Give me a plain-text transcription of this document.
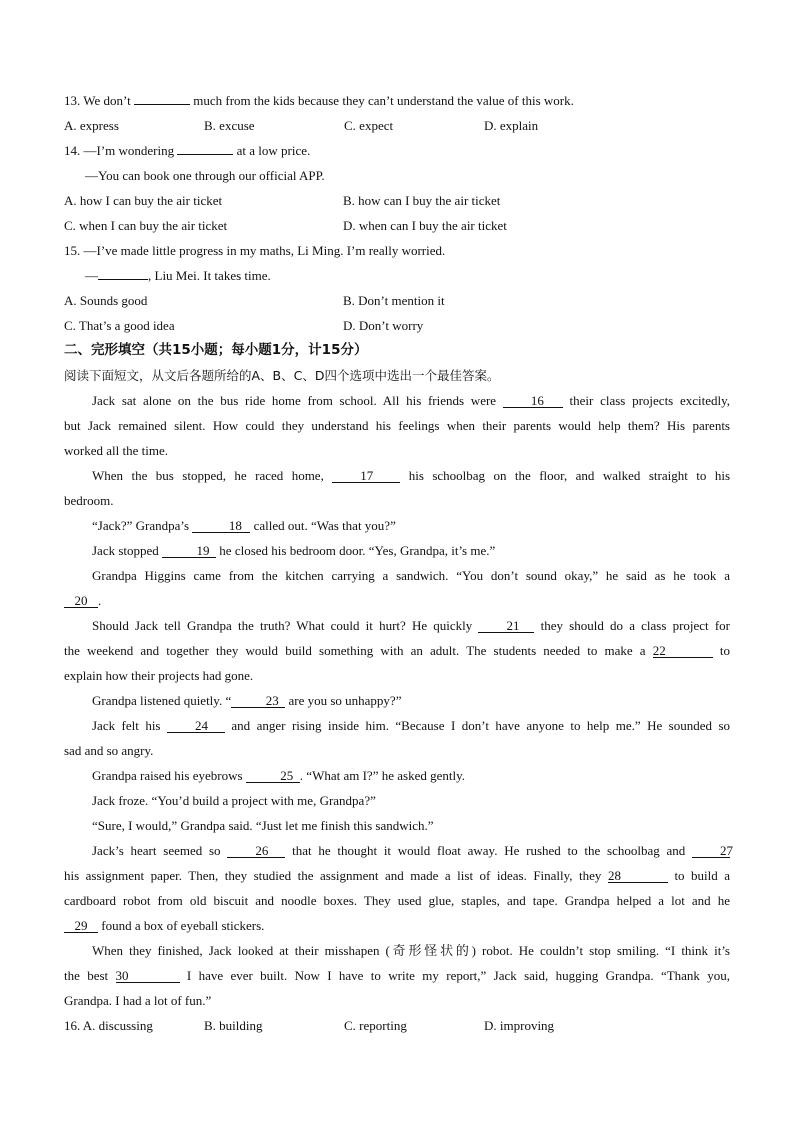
13. We don’t	much from the kids because they can’t understand the value of this work.
A. express	B. excuse	C. expect	D. explain
14. —I’m wondering	at a low price.
—You can book one through our official APP.
A. how I can buy the air ticket	B. how can I buy the air ticket
C. when I can buy the air ticket	D. when can I buy the air ticket
15. —I’ve made little progress in my maths, Li Ming. I’m really worried.
—	, Liu Mei. It takes time.
A. Sounds good	B. Don’t mention it
C. That’s a good idea	D. Don’t worry
二、完形填空（共15小题；每小题1分，计15分）
阅读下面短文，从文后各题所给的A、B、C、D四个选项中选出一个最佳答案。
Jack sat alone on the bus ride home from school. All his friends were	16 their class projects excitedly,
but Jack remained silent. How could they understand his feelings when their parents would help them? His parents
worked all the time.
When the bus stopped, he raced home,	17	his schoolbag on the floor, and walked straight to his
bedroom.
“Jack?” Grandpa’s	18 called out. “Was that you?”
Jack stopped	19 he closed his bedroom door. “Yes, Grandpa, it’s me.”
Grandpa Higgins came from the kitchen carrying a sandwich. “You don’t sound okay,” he said as he took a
20 .
Should Jack tell Grandpa the truth? What could it hurt? He quickly	21 they should do a class project for
the weekend and together they would build something with an adult. The students needed to make a 22	to
explain how their projects had gone.
Grandpa listened quietly. “	23 are you so unhappy?”
Jack felt his	24 and anger rising inside him. “Because I don’t have anyone to help me.” He sounded so
sad and so angry.
Grandpa raised his eyebrows	25 . “What am I?” he asked gently.
Jack froze. “You’d build a project with me, Grandpa?”
“Sure, I would,” Grandpa said. “Just let me finish this sandwich.”
Jack’s heart seemed so	26 that he thought it would float away. He rushed to the schoolbag and	27
his assignment paper. Then, they studied the assignment and made a list of ideas. Finally, they 28	to build a
cardboard robot from old biscuit and noodle boxes. They used glue, staples, and tape. Grandpa helped a lot and he
29 found a box of eyeball stickers.
When they finished, Jack looked at their misshapen (奇形怪状的) robot. He couldn’t stop smiling. “I think it’s
the best 30	I have ever built. Now I have to write my report,” Jack said, hugging Grandpa. “Thank you,
Grandpa. I had a lot of fun.”
16. A. discussing	B. building	C. reporting	D. improving
